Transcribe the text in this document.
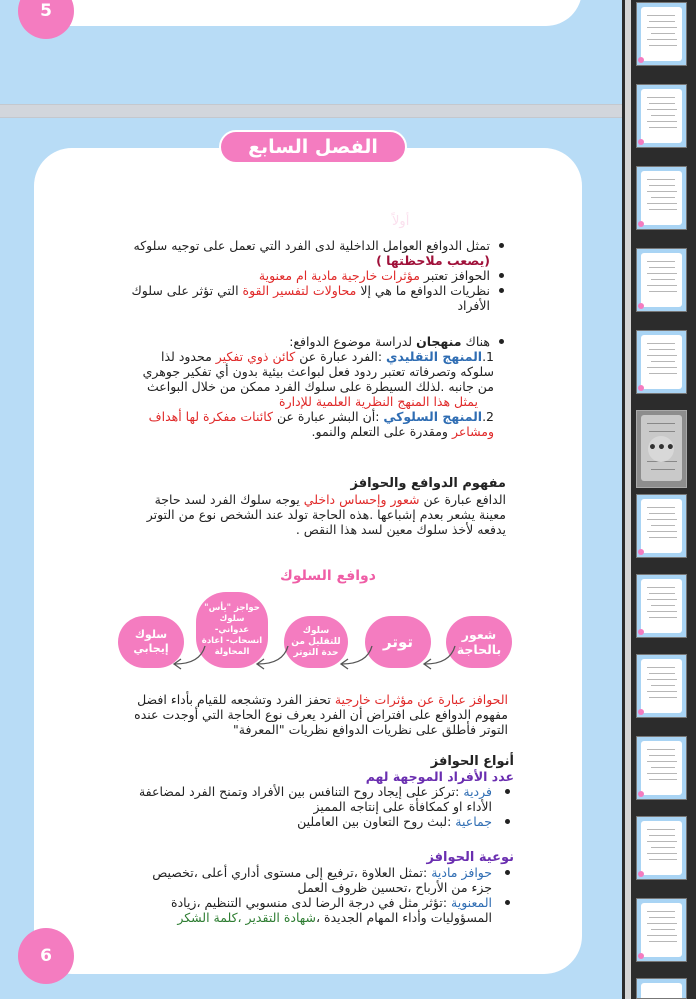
5
الفصل السابع
أولاً
تمثل الدوافع العوامل الداخلية لدى الفرد التي تعمل على توجيه سلوكه (يصعب ملاحظتها )
الحوافز تعتبر مؤثرات خارجية مادية ام معنوية
نظريات الدوافع ما هي إلا محاولات لتفسير القوة التي تؤثر على سلوك الأفراد
هناك منهجان لدراسة موضوع الدوافع:
1.المنهج التقليدي :الفرد عبارة عن كائن ذوي تفكير محدود لذا سلوكه وتصرفاته تعتبر ردود فعل لبواعث بيئية بدون أي تفكير جوهري من جانبه .لذلك السيطرة على سلوك الفرد ممكن من خلال البواعث
يمثل هذا المنهج النظرية العلمية للإدارة
2.المنهج السلوكي :أن البشر عبارة عن كائنات مفكرة لها أهداف ومشاعر ومقدرة على التعلم والنمو.
مفهوم الدوافع والحوافز
الدافع عبارة عن شعور وإحساس داخلي يوجه سلوك الفرد لسد حاجة معينة يشعر بعدم إشباعها .هذه الحاجة تولد عند الشخص نوع من التوتر يدفعه لأخذ سلوك معين لسد هذا النقص .
دوافع السلوك
شعور بالحاجة
توتر
سلوك للتقليل من حدة التوتر
حواجز "يأس" سلوك عدواني- انسحاب- اعادة المحاولة
سلوك إيجابي
الحوافز عبارة عن مؤثرات خارجية تحفز الفرد وتشجعه للقيام بأداء افضل مفهوم الدوافع على افتراض أن الفرد يعرف نوع الحاجة التي أوجدت عنده التوتر فأطلق على نظريات الدوافع نظريات "المعرفة"
أنواع الحوافز
عدد الأفراد الموجهة لهم
فردية :تركز على إيجاد روح التنافس بين الأفراد وتمنح الفرد لمضاعفة الأداء او كمكافأة على إنتاجه المميز
جماعية :لبث روح التعاون بين العاملين
نوعية الحوافز
حوافز مادية :تمثل العلاوة ،ترفيع إلى مستوى أداري أعلى ،تخصيص جزء من الأرباح ،تحسين ظروف العمل
المعنوية :تؤثر مثل في درجة الرضا لدى منسوبي التنظيم ،زيادة المسؤوليات وأداء المهام الجديدة ،شهادة التقدير ،كلمة الشكر
6
•••
